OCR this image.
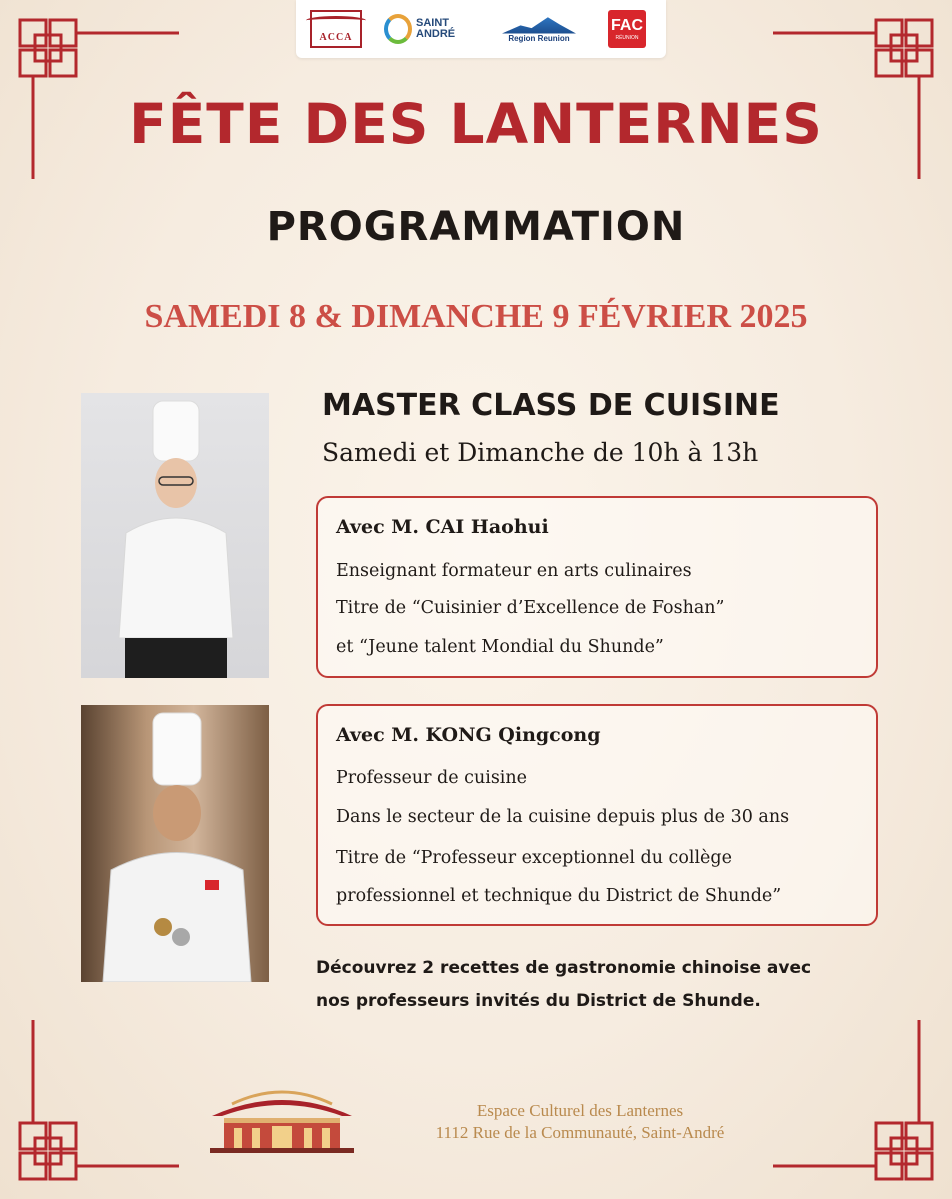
ACCA
SAINT ANDRÉ	Region Reunion
FAC
RÉUNION
FÊTE DES LANTERNES
PROGRAMMATION

SAMEDI 8 & DIMANCHE 9 FÉVRIER 2025

MASTER CLASS DE CUISINE

Samedi et Dimanche de 10h à 13h

Avec M. CAI Haohui

Enseignant formateur en arts culinaires

Titre de “Cuisinier d’Excellence de Foshan”

et “Jeune talent Mondial du Shunde”

Avec M. KONG Qingcong

Professeur de cuisine

Dans le secteur de la cuisine depuis plus de 30 ans

Titre de “Professeur exceptionnel du collège

professionnel et technique du District de Shunde”

Découvrez 2 recettes de gastronomie chinoise avec
nos professeurs invités du District de Shunde.
Espace Culturel des Lanternes
1112 Rue de la Communauté, Saint-André
